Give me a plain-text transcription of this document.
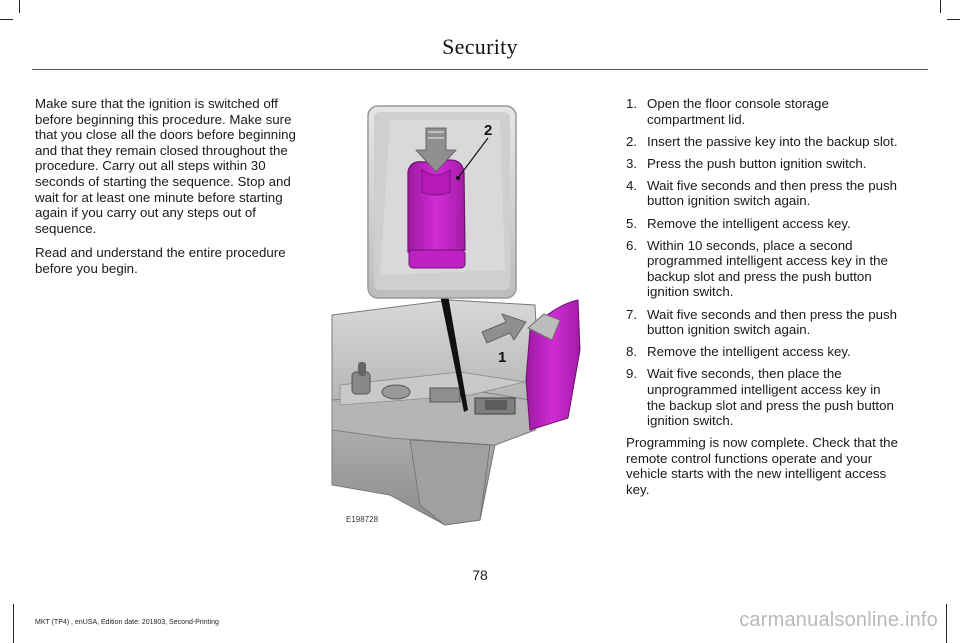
Security

Make sure that the ignition is switched off before beginning this procedure. Make sure that you close all the doors before beginning and that they remain closed throughout the procedure. Carry out all steps within 30 seconds of starting the sequence. Stop and wait for at least one minute before starting again if you carry out any steps out of sequence.

Read and understand the entire procedure before you begin.

1
2
E198728
1. Open the floor console storage compartment lid.
2. Insert the passive key into the backup slot.
3. Press the push button ignition switch.
4. Wait five seconds and then press the push button ignition switch again.
5. Remove the intelligent access key.
6. Within 10 seconds, place a second programmed intelligent access key in the backup slot and press the push button ignition switch.
7. Wait five seconds and then press the push button ignition switch again.
8. Remove the intelligent access key.
9. Wait five seconds, then place the unprogrammed intelligent access key in the backup slot and press the push button ignition switch.

Programming is now complete. Check that the remote control functions operate and your vehicle starts with the new intelligent access key.

78
MKT (TP4) , enUSA, Edition date: 201803, Second-Printing	carmanualsonline.info
